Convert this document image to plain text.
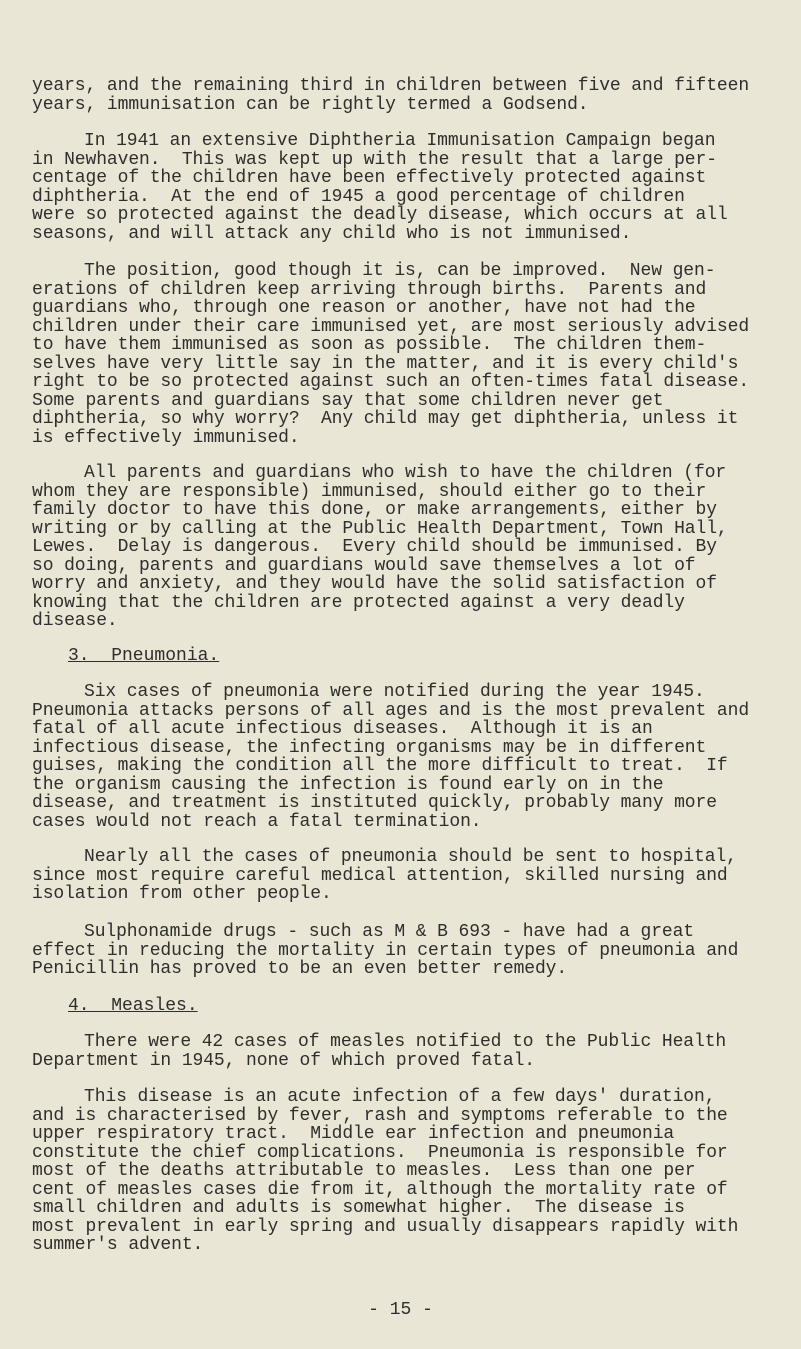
years, and the remaining third in children between five and fifteen
years, immunisation can be rightly termed a Godsend.
In 1941 an extensive Diphtheria Immunisation Campaign began
in Newhaven.  This was kept up with the result that a large per-
centage of the children have been effectively protected against
diphtheria.  At the end of 1945 a good percentage of children
were so protected against the deadly disease, which occurs at all
seasons, and will attack any child who is not immunised.
The position, good though it is, can be improved.  New gen-
erations of children keep arriving through births.  Parents and
guardians who, through one reason or another, have not had the
children under their care immunised yet, are most seriously advised
to have them immunised as soon as possible.  The children them-
selves have very little say in the matter, and it is every child's
right to be so protected against such an often-times fatal disease.
Some parents and guardians say that some children never get
diphtheria, so why worry?  Any child may get diphtheria, unless it
is effectively immunised.
All parents and guardians who wish to have the children (for
whom they are responsible) immunised, should either go to their
family doctor to have this done, or make arrangements, either by
writing or by calling at the Public Health Department, Town Hall,
Lewes.  Delay is dangerous.  Every child should be immunised. By
so doing, parents and guardians would save themselves a lot of
worry and anxiety, and they would have the solid satisfaction of
knowing that the children are protected against a very deadly
disease.
3.  Pneumonia.
Six cases of pneumonia were notified during the year 1945.
Pneumonia attacks persons of all ages and is the most prevalent and
fatal of all acute infectious diseases.  Although it is an
infectious disease, the infecting organisms may be in different
guises, making the condition all the more difficult to treat.  If
the organism causing the infection is found early on in the
disease, and treatment is instituted quickly, probably many more
cases would not reach a fatal termination.
Nearly all the cases of pneumonia should be sent to hospital,
since most require careful medical attention, skilled nursing and
isolation from other people.
Sulphonamide drugs - such as M & B 693 - have had a great
effect in reducing the mortality in certain types of pneumonia and
Penicillin has proved to be an even better remedy.
4.  Measles.
There were 42 cases of measles notified to the Public Health
Department in 1945, none of which proved fatal.
This disease is an acute infection of a few days' duration,
and is characterised by fever, rash and symptoms referable to the
upper respiratory tract.  Middle ear infection and pneumonia
constitute the chief complications.  Pneumonia is responsible for
most of the deaths attributable to measles.  Less than one per
cent of measles cases die from it, although the mortality rate of
small children and adults is somewhat higher.  The disease is
most prevalent in early spring and usually disappears rapidly with
summer's advent.
- 15 -
